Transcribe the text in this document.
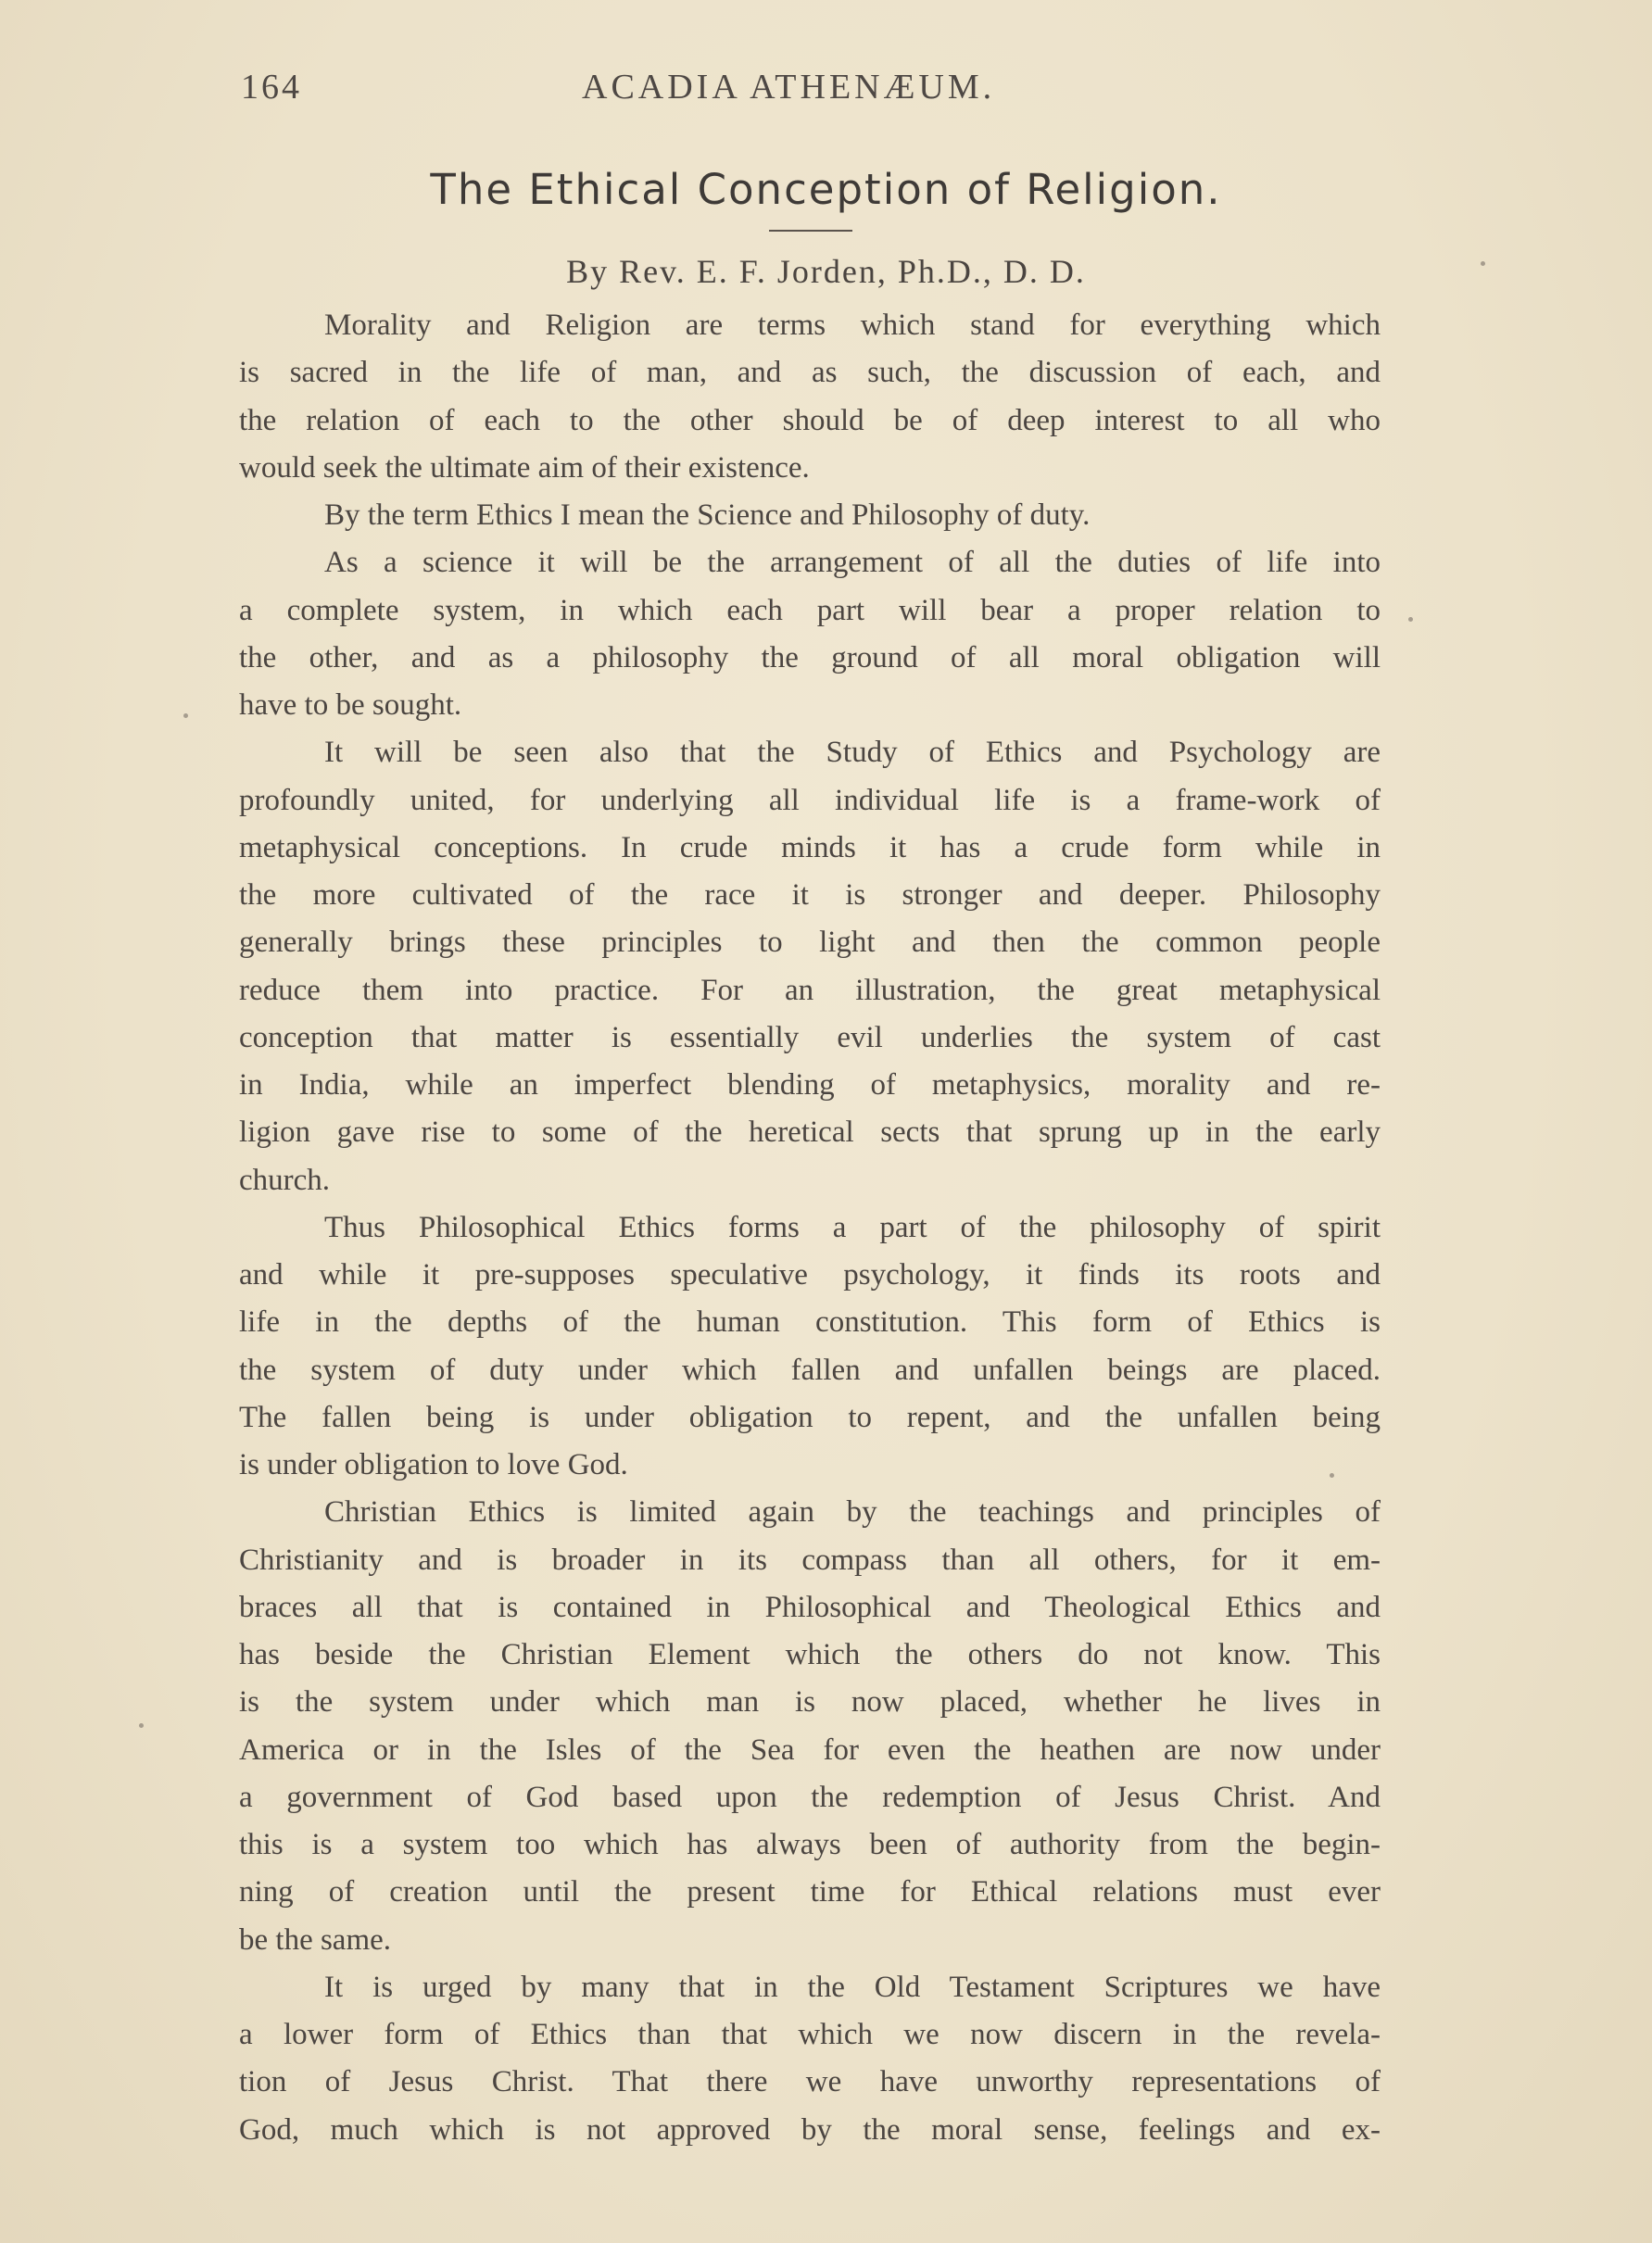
164	ACADIA ATHENÆUM.
The Ethical Conception of Religion.
By Rev. E. F. Jorden, Ph.D., D. D.
Morality and Religion are terms which stand for everything which
is sacred in the life of man, and as such, the discussion of each, and
the relation of each to the other should be of deep interest to all who
would seek the ultimate aim of their existence.
By the term Ethics I mean the Science and Philosophy of duty.
As a science it will be the arrangement of all the duties of life into
a complete system, in which each part will bear a proper relation to
the other, and as a philosophy the ground of all moral obligation will
have to be sought.
It will be seen also that the Study of Ethics and Psychology are
profoundly united, for underlying all individual life is a frame-work of
metaphysical conceptions. In crude minds it has a crude form while in
the more cultivated of the race it is stronger and deeper. Philosophy
generally brings these principles to light and then the common people
reduce them into practice. For an illustration, the great metaphysical
conception that matter is essentially evil underlies the system of cast
in India, while an imperfect blending of metaphysics, morality and re-
ligion gave rise to some of the heretical sects that sprung up in the early
church.
Thus Philosophical Ethics forms a part of the philosophy of spirit
and while it pre-supposes speculative psychology, it finds its roots and
life in the depths of the human constitution. This form of Ethics is
the system of duty under which fallen and unfallen beings are placed.
The fallen being is under obligation to repent, and the unfallen being
is under obligation to love God.
Christian Ethics is limited again by the teachings and principles of
Christianity and is broader in its compass than all others, for it em-
braces all that is contained in Philosophical and Theological Ethics and
has beside the Christian Element which the others do not know. This
is the system under which man is now placed, whether he lives in
America or in the Isles of the Sea for even the heathen are now under
a government of God based upon the redemption of Jesus Christ. And
this is a system too which has always been of authority from the begin-
ning of creation until the present time for Ethical relations must ever
be the same.
It is urged by many that in the Old Testament Scriptures we have
a lower form of Ethics than that which we now discern in the revela-
tion of Jesus Christ. That there we have unworthy representations of
God, much which is not approved by the moral sense, feelings and ex-
